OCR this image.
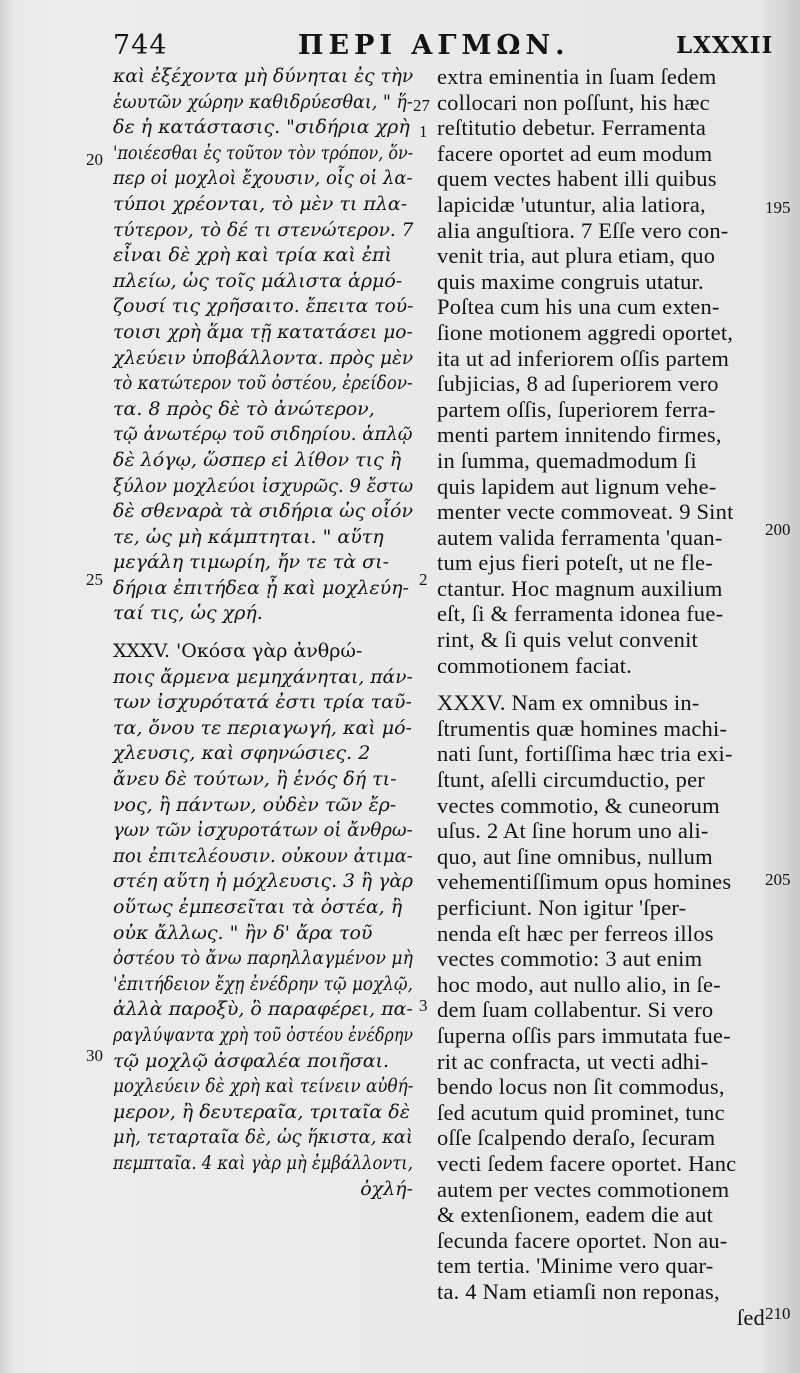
744	ΠΕΡΙ ΑΓΜΩΝ.	LXXXII
καὶ ἐξέχοντα μὴ δύνηται ἐς τὴν
ἑωυτῶν χώρην καθιδρύεσθαι, " ἥ-
δε ἡ κατάστασις. "σιδήρια χρὴ
'ποιέεσθαι ἐς τοῦτον τὸν τρόπον, ὅν-
περ οἱ μοχλοὶ ἔχουσιν, οἷς οἱ λα-
τύποι χρέονται, τὸ μὲν τι πλα-
τύτερον, τὸ δέ τι στενώτερον. 7
εἶναι δὲ χρὴ καὶ τρία καὶ ἐπὶ
πλείω, ὡς τοῖς μάλιστα ἁρμό-
ζουσί τις χρῆσαιτο. ἔπειτα τού-
τοισι χρὴ ἅμα τῇ κατατάσει μο-
χλεύειν ὑποβάλλοντα. πρὸς μὲν
τὸ κατώτερον τοῦ ὀστέου, ἐρείδον-
τα. 8 πρὸς δὲ τὸ ἀνώτερον,
τῷ ἀνωτέρῳ τοῦ σιδηρίου. ἁπλῷ
δὲ λόγῳ, ὥσπερ εἰ λίθον τις ἢ
ξύλον μοχλεύοι ἰσχυρῶς. 9 ἔστω
δὲ σθεναρὰ τὰ σιδήρια ὡς οἷόν
τε, ὡς μὴ κάμπτηται. " αὕτη
μεγάλη τιμωρίη, ἤν τε τὰ σι-
δήρια ἐπιτήδεα ᾖ καὶ μοχλεύη-
ταί τις, ὡς χρή.
XXXV. 'Οκόσα γὰρ ἀνθρώ-
ποις ἄρμενα μεμηχάνηται, πάν-
των ἰσχυρότατά ἐστι τρία ταῦ-
τα, ὄνου τε περιαγωγή, καὶ μό-
χλευσις, καὶ σφηνώσιες. 2
ἄνευ δὲ τούτων, ἢ ἑνός δή τι-
νος, ἢ πάντων, οὐδὲν τῶν ἔρ-
γων τῶν ἰσχυροτάτων οἱ ἄνθρω-
ποι ἐπιτελέουσιν. οὐκουν ἀτιμα-
στέη αὕτη ἡ μόχλευσις. 3 ἢ γὰρ
οὕτως ἐμπεσεῖται τὰ ὀστέα, ἢ
οὐκ ἄλλως. " ἢν δ' ἄρα τοῦ
ὀστέου τὸ ἄνω παρηλλαγμένον μὴ
'ἐπιτήδειον ἔχῃ ἐνέδρην τῷ μοχλῷ,
ἀλλὰ παροξὺ, ὃ παραφέρει, πα-
ραγλύψαντα χρὴ τοῦ ὀστέου ἐνέδρην
τῷ μοχλῷ ἀσφαλέα ποιῆσαι.
μοχλεύειν δὲ χρὴ καὶ τείνειν αὐθή-
μερον, ἢ δευτεραῖα, τριταῖα δὲ
μὴ, τεταρταῖα δὲ, ὡς ἥκιστα, καὶ
πεμπταῖα. 4 καὶ γὰρ μὴ ἐμβάλλοντι,
ὀχλή-
extra eminentia in ſuam ſedem
collocari non poſſunt, his hæc
reſtitutio debetur. Ferramenta
facere oportet ad eum modum
quem vectes habent illi quibus
lapicidæ 'utuntur, alia latiora,
alia anguſtiora. 7 Eſſe vero con-
venit tria, aut plura etiam, quo
quis maxime congruis utatur.
Poſtea cum his una cum exten-
ſione motionem aggredi oportet,
ita ut ad inferiorem oſſis partem
ſubjicias, 8 ad ſuperiorem vero
partem oſſis, ſuperiorem ferra-
menti partem innitendo firmes,
in ſumma, quemadmodum ſi
quis lapidem aut lignum vehe-
menter vecte commoveat. 9 Sint
autem valida ferramenta 'quan-
tum ejus fieri poteſt, ut ne fle-
ctantur. Hoc magnum auxilium
eſt, ſi & ferramenta idonea fue-
rint, & ſi quis velut convenit
commotionem faciat.
XXXV. Nam ex omnibus in-
ſtrumentis quæ homines machi-
nati ſunt, fortiſſima hæc tria exi-
ſtunt, aſelli circumductio, per
vectes commotio, & cuneorum
uſus. 2 At ſine horum uno ali-
quo, aut ſine omnibus, nullum
vehementiſſimum opus homines
perficiunt. Non igitur 'ſper-
nenda eſt hæc per ferreos illos
vectes commotio: 3 aut enim
hoc modo, aut nullo alio, in ſe-
dem ſuam collabentur. Si vero
ſuperna oſſis pars immutata fue-
rit ac confracta, ut vecti adhi-
bendo locus non ſit commodus,
ſed acutum quid prominet, tunc
oſſe ſcalpendo deraſo, ſecuram
vecti ſedem facere oportet. Hanc
autem per vectes commotionem
& extenſionem, eadem die aut
ſecunda facere oportet. Non au-
tem tertia. 'Minime vero quar-
ta. 4 Nam etiamſi non reponas,
ſed
20
25
30
27
1
2
3
195
200
205
210
